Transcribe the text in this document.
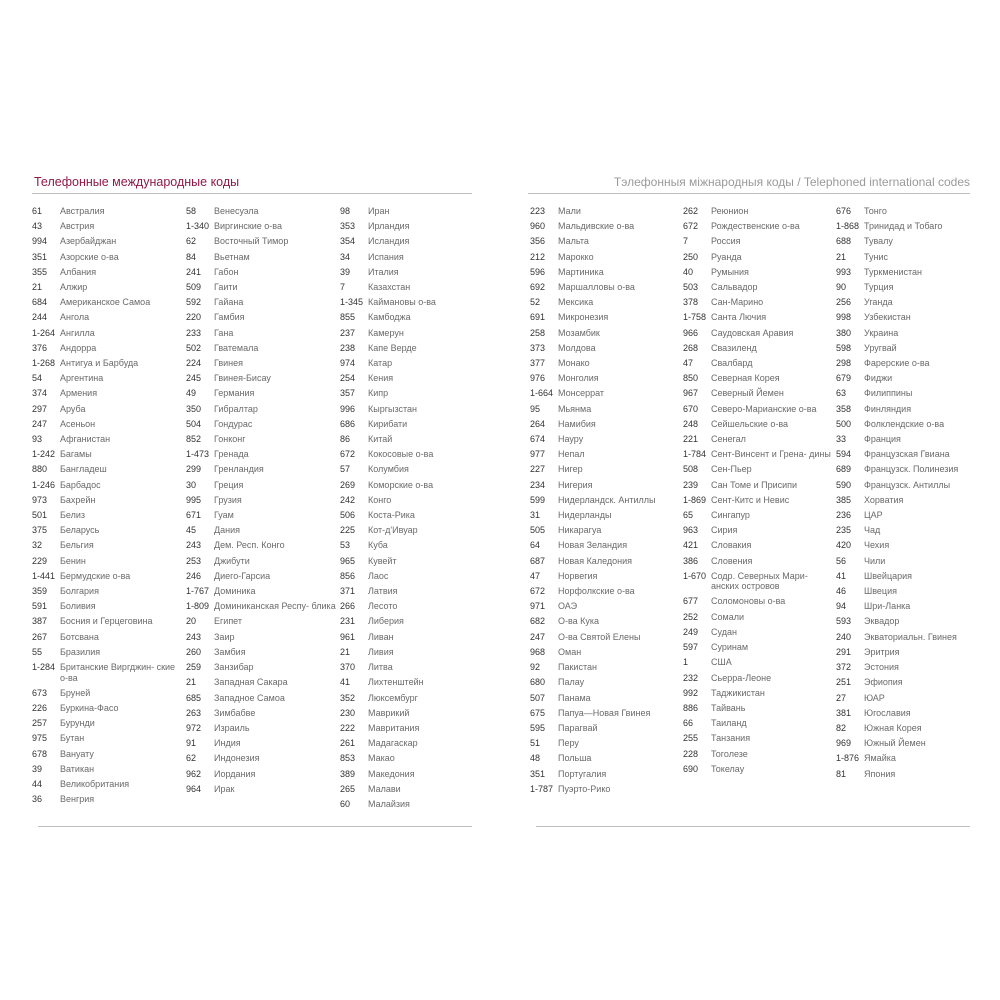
Телефонные международные коды
61	Австралия
43	Австрия
994	Азербайджан
351	Азорские о-ва
355	Албания
21	Алжир
684	Американское Самоа
244	Ангола
1-264 Ангилла
376	Андорра
1-268 Антигуа и Барбуда
54	Аргентина
374	Армения
297	Аруба
247	Асеньон
93	Афганистан
1-242 Багамы
880	Бангладеш
1-246 Барбадос
973	Бахрейн
501	Белиз
375	Беларусь
32	Бельгия
229	Бенин
1-441 Бермудские о-ва
359	Болгария
591	Боливия
387	Босния и Герцеговина
267	Ботсвана
55	Бразилия
1-284 Британские Виргджин- ские о-ва
673	Бруней
226	Буркина-Фасо
257	Бурунди
975	Бутан
678	Вануату
39	Ватикан
44	Великобритания
36	Венгрия
58	Венесуэла
1-340 Виргинские о-ва
62	Восточный Тимор
84	Вьетнам
241	Габон
509	Гаити
592	Гайана
220	Гамбия
233	Гана
502	Гватемала
224	Гвинея
245	Гвинея-Бисау
49	Германия
350	Гибралтар
504	Гондурас
852	Гонконг
1-473 Гренада
299	Гренландия
30	Греция
995	Грузия
671	Гуам
45	Дания
243	Дем. Респ. Конго
253	Джибути
246	Диего-Гарсиа
1-767 Доминика
1-809 Доминиканская Респу- блика
20	Египет
243	Заир
260	Замбия
259	Занзибар
21	Западная Сакара
685	Западное Самоа
263	Зимбабве
972	Израиль
91	Индия
62	Индонезия
962	Иордания
964	Ирак
98	Иран
353	Ирландия
354	Исландия
34	Испания
39	Италия
7	Казахстан
1-345 Каймановы о-ва
855	Камбоджа
237	Камерун
238	Капе Верде
974	Катар
254	Кения
357	Кипр
996	Кыргызстан
686	Кирибати
86	Китай
672	Кокосовые о-ва
57	Колумбия
269	Коморские о-ва
242	Конго
506	Коста-Рика
225	Кот-д'Ивуар
53	Куба
965	Кувейт
856	Лаос
371	Латвия
266	Лесото
231	Либерия
961	Ливан
21	Ливия
370	Литва
41	Лихтенштейн
352	Люксембург
230	Маврикий
222	Мавритания
261	Мадагаскар
853	Макао
389	Македония
265	Малави
60	Малайзия
Тэлефонныя міжнародныя коды / Telephoned international codes
223	Мали
960	Мальдивские о-ва
356	Мальта
212	Марокко
596	Мартиника
692	Маршалловы о-ва
52	Мексика
691	Микронезия
258	Мозамбик
373	Молдова
377	Монако
976	Монголия
1-664 Монсеррат
95	Мьянма
264	Намибия
674	Науру
977	Непал
227	Нигер
234	Нигерия
599	Нидерландск. Антиллы
31	Нидерланды
505	Никарагуа
64	Новая Зеландия
687	Новая Каледония
47	Норвегия
672	Норфолкские о-ва
971	ОАЭ
682	О-ва Кука
247	О-ва Святой Елены
968	Оман
92	Пакистан
680	Палау
507	Панама
675	Папуа—Новая Гвинея
595	Парагвай
51	Перу
48	Польша
351	Португалия
1-787 Пуэрто-Рико
262	Реюнион
672	Рождественские о-ва
7	Россия
250	Руанда
40	Румыния
503	Сальвадор
378	Сан-Марино
1-758 Санта Лючия
966	Саудовская Аравия
268	Свазиленд
47	Свалбард
850	Северная Корея
967	Северный Йемен
670	Северо-Марианские о-ва
248	Сейшельские о-ва
221	Сенегал
1-784 Сент-Винсент и Грена- дины
508	Сен-Пьер
239	Сан Томе и Присипи
1-869 Сент-Китс и Невис
65	Сингапур
963	Сирия
421	Словакия
386	Словения
1-670 Содр. Северных Мари- анских островов
677	Соломоновы о-ва
252	Сомали
249	Судан
597	Суринам
1	США
232	Сьерра-Леоне
992	Таджикистан
886	Тайвань
66	Таиланд
255	Танзания
228	Тоголезе
690	Токелау
676	Тонго
1-868 Тринидад и Тобаго
688	Тувалу
21	Тунис
993	Туркменистан
90	Турция
256	Уганда
998	Узбекистан
380	Украина
598	Уругвай
298	Фарерские о-ва
679	Фиджи
63	Филиппины
358	Финляндия
500	Фолклендские о-ва
33	Франция
594	Французская Гвиана
689	Французск. Полинезия
590	Французск. Антиллы
385	Хорватия
236	ЦАР
235	Чад
420	Чехия
56	Чили
41	Швейцария
46	Швеция
94	Шри-Ланка
593	Эквадор
240	Экваториальн. Гвинея
291	Эритрия
372	Эстония
251	Эфиопия
27	ЮАР
381	Югославия
82	Южная Корея
969	Южный Йемен
1-876 Ямайка
81	Япония
